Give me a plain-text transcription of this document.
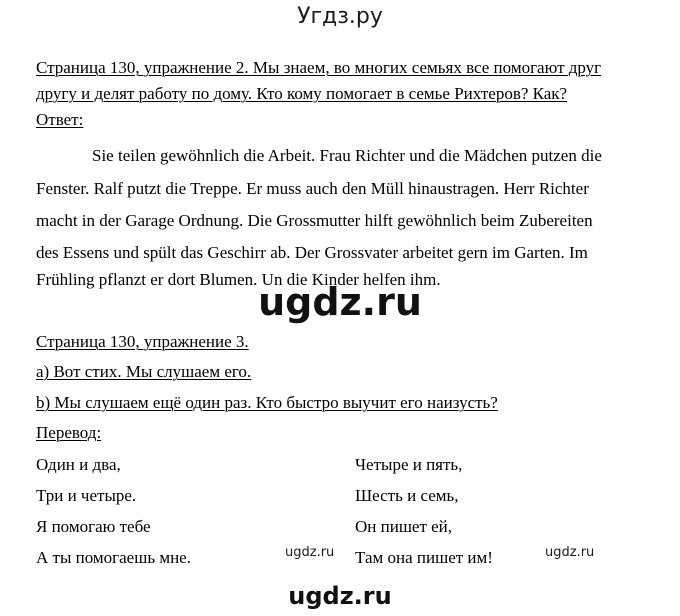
Угдз.ру
Страница 130, упражнение 2. Мы знаем, во многих семьях все помогают друг
другу и делят работу по дому. Кто кому помогает в семье Рихтеров? Как?
Ответ:
Sie teilen gewöhnlich die Arbeit. Frau Richter und die Mädchen putzen die
Fenster. Ralf putzt die Treppe. Er muss auch den Müll hinaustragen. Herr Richter
macht in der Garage Ordnung. Die Grossmutter hilft gewöhnlich beim Zubereiten
des Essens und spült das Geschirr ab. Der Grossvater arbeitet gern im Garten. Im
Frühling pflanzt er dort Blumen. Un die Kinder helfen ihm.
ugdz.ru
Страница 130, упражнение 3.
a) Вот стих. Мы слушаем его.
b) Мы слушаем ещё один раз. Кто быстро выучит его наизусть?
Перевод:
Один и два,
Три и четыре.
Я помогаю тебе
А ты помогаешь мне.
Четыре и пять,
Шесть и семь,
Он пишет ей,
Там она пишет им!
ugdz.ru	ugdz.ru
ugdz.ru
